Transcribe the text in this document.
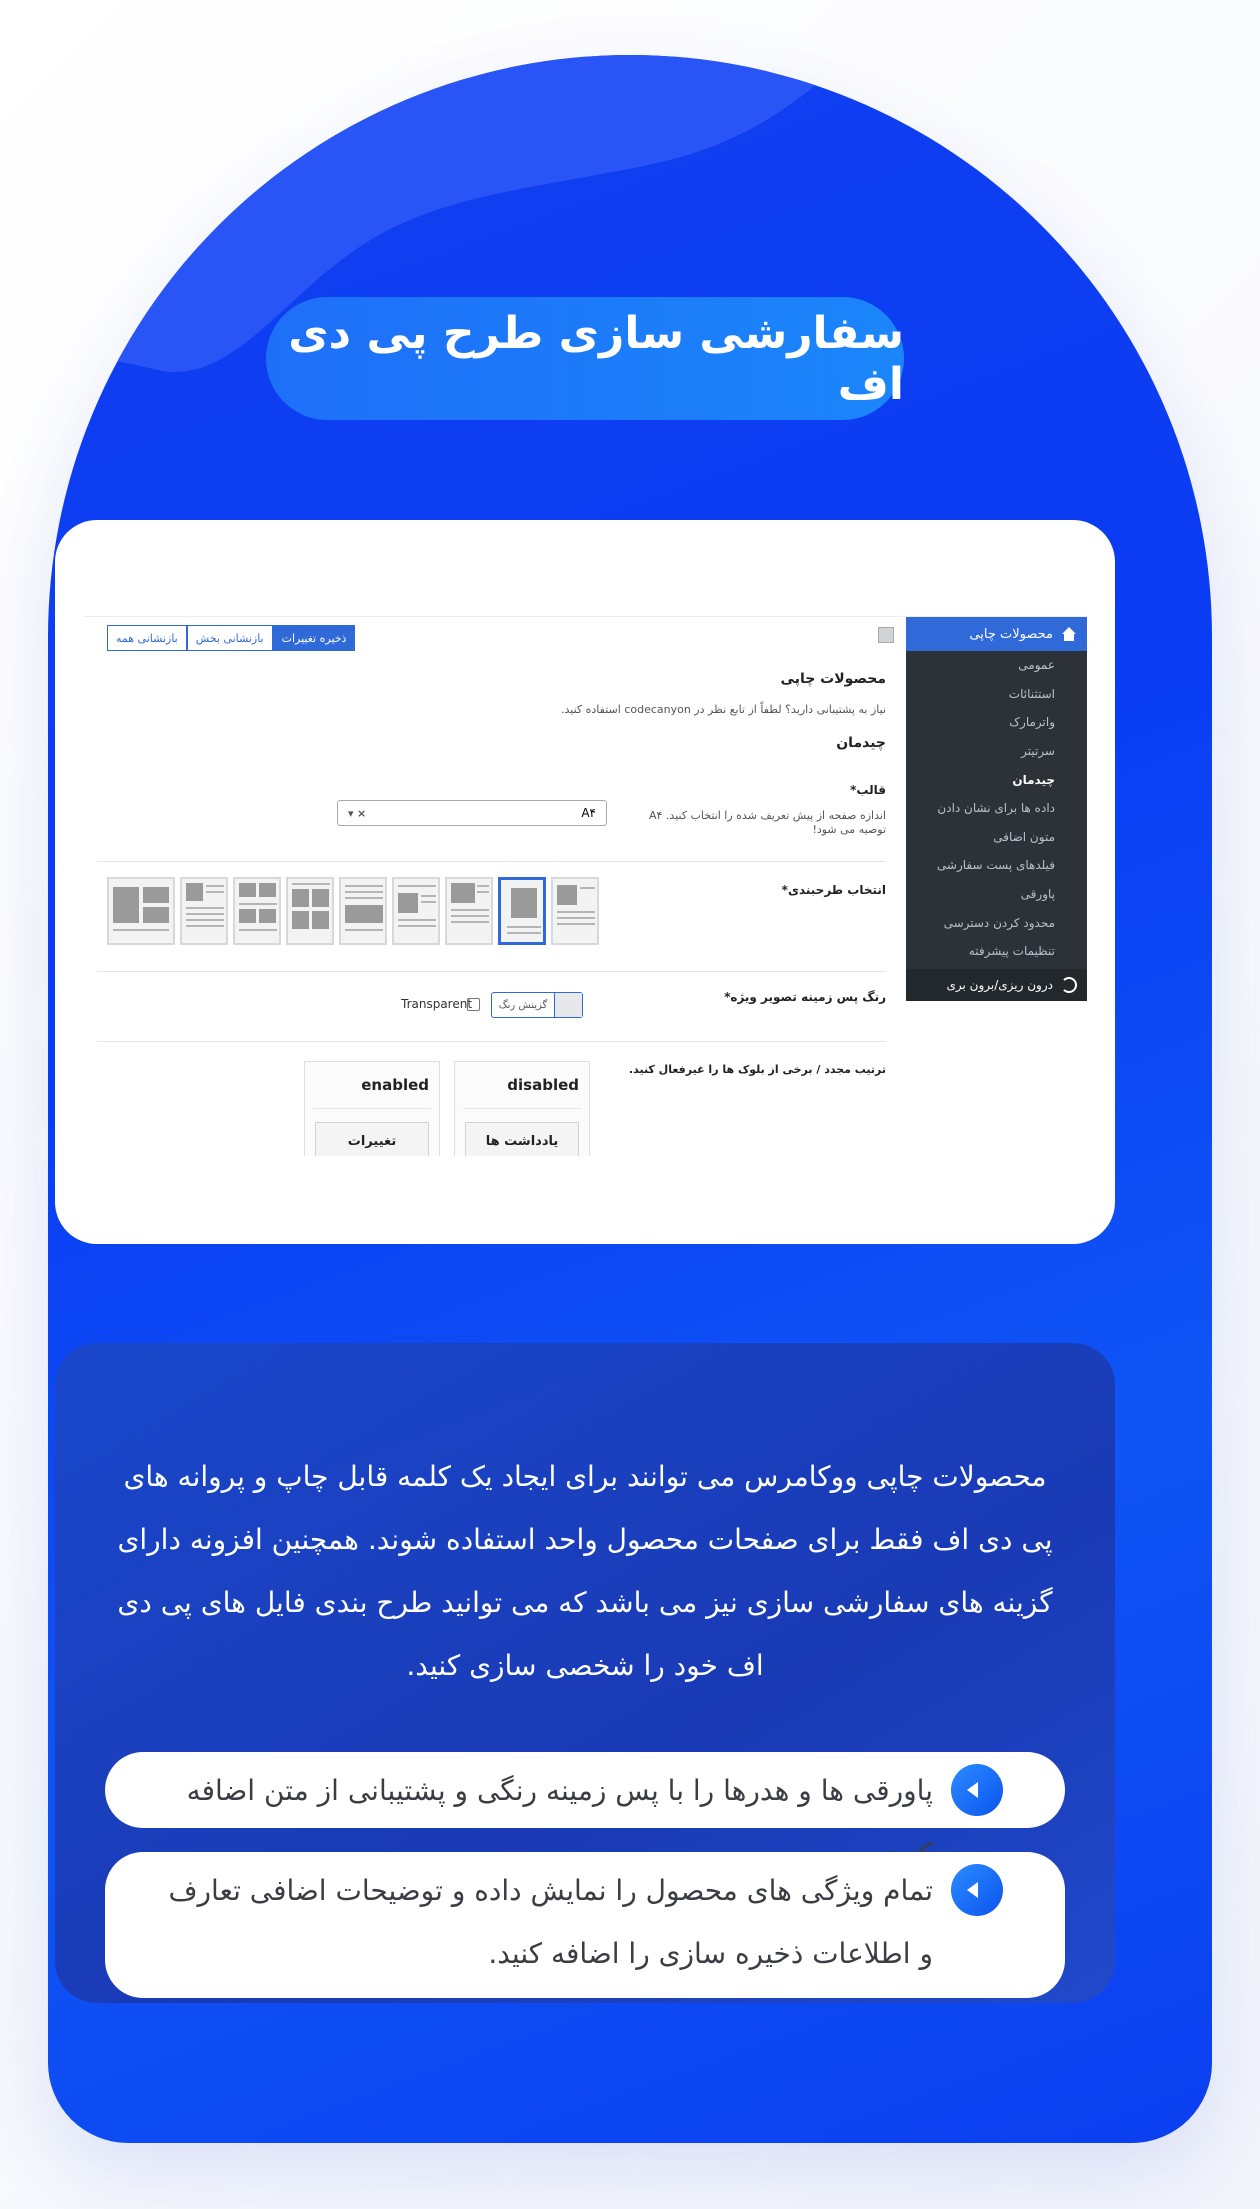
سفارشی سازی طرح پی دی اف
محصولات چاپی
عمومی
استثنائات
واترمارک
سرتیتر
چیدمان
داده ها برای نشان دادن
متون اضافی
فیلدهای پست سفارشی
پاورقی
محدود کردن دسترسی
تنظیمات پیشرفته
درون ریزی/برون بری
بازنشانی همه	بازنشانی بخش	ذخیره تغییرات
محصولات چاپی
نیاز به پشتیبانی دارید؟ لطفاً از تابع نظر در codecanyon استفاده کنید.
چیدمان
قالب*
اندازه صفحه از پیش تعریف شده را انتخاب کنید. A۴ توصیه می شود!
A۴
▾ ×
انتخاب طرحبندی*
رنگ پس زمینه تصویر ویژه*
گزینش رنگ
Transparent
ترتیب مجدد / برخی از بلوک ها را غیرفعال کنید.
disabled
یادداشت ها
enabled
تغییرات
محصولات چاپی ووکامرس می توانند برای ایجاد یک کلمه قابل چاپ و پروانه های پی دی اف فقط برای صفحات محصول واحد استفاده شوند. همچنین افزونه دارای گزینه های سفارشی سازی نیز می باشد که می توانید طرح بندی فایل های پی دی اف خود را شخصی سازی کنید.
پاورقی ها و هدرها را با پس زمینه رنگی و پشتیبانی از متن اضافه
تمام ویژگی های محصول را نمایش داده و توضیحات اضافی تعارف و اطلاعات ذخیره سازی را اضافه کنید.
